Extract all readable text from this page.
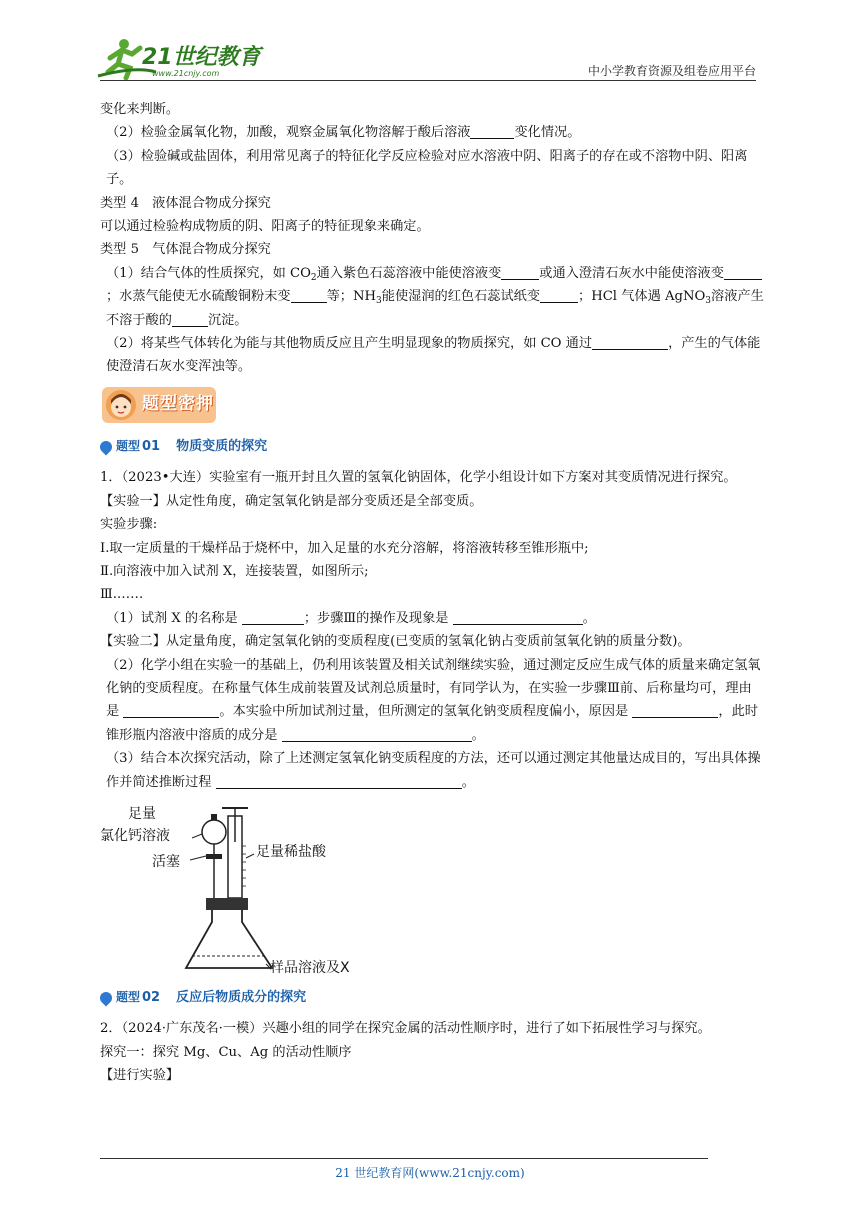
21世纪教育
www.21cnjy.com	中小学教育资源及组卷应用平台

变化来判断。

（2）检验金属氧化物，加酸，观察金属氧化物溶解于酸后溶液	变化情况。

（3）检验碱或盐固体，利用常见离子的特征化学反应检验对应水溶液中阴、阳离子的存在或不溶物中阴、阳离子。

类型 4　液体混合物成分探究

可以通过检验构成物质的阴、阳离子的特征现象来确定。

类型 5　气体混合物成分探究

（1）结合气体的性质探究，如 $CO_2$通入紫色石蕊溶液中能使溶液变	或通入澄清石灰水中能使溶液变；水蒸气能使无水硫酸铜粉末变	等；$NH_3$能使湿润的红色石蕊试纸变	；HCl 气体遇 AgNO$_3$溶液产生不溶于酸的	沉淀。

（2）将某些气体转化为能与其他物质反应且产生明显现象的物质探究，如 CO 通过	，产生的气体能使澄清石灰水变浑浊等。

题型密押
题型 01 物质变质的探究

1．（2023•大连）实验室有一瓶开封且久置的氢氧化钠固体，化学小组设计如下方案对其变质情况进行探究。

【实验一】从定性角度，确定氢氧化钠是部分变质还是全部变质。

实验步骤:

Ⅰ.取一定质量的干燥样品于烧杯中，加入足量的水充分溶解，将溶液转移至锥形瓶中;

Ⅱ.向溶液中加入试剂 X，连接装置，如图所示;

Ⅲ.……

（1）试剂 X 的名称是	；步骤Ⅲ的操作及现象是	。

【实验二】从定量角度，确定氢氧化钠的变质程度(已变质的氢氧化钠占变质前氢氧化钠的质量分数)。

（2）化学小组在实验一的基础上，仍利用该装置及相关试剂继续实验，通过测定反应生成气体的质量来确定氢氧化钠的变质程度。在称量气体生成前装置及试剂总质量时，有同学认为，在实验一步骤Ⅲ前、后称量均可，理由是	。本实验中所加试剂过量，但所测定的氢氧化钠变质程度偏小，原因是	，此时锥形瓶内溶液中溶质的成分是	。

（3）结合本次探究活动，除了上述测定氢氧化钠变质程度的方法，还可以通过测定其他量达成目的，写出具体操作并简述推断过程	。

足量
氯化钙溶液
活塞
足量稀盐酸
样品溶液及X
题型 02 反应后物质成分的探究

2．（2024·广东茂名·一模）兴趣小组的同学在探究金属的活动性顺序时，进行了如下拓展性学习与探究。

探究一：探究 Mg、Cu、Ag 的活动性顺序

【进行实验】

21 世纪教育网(www.21cnjy.com)
